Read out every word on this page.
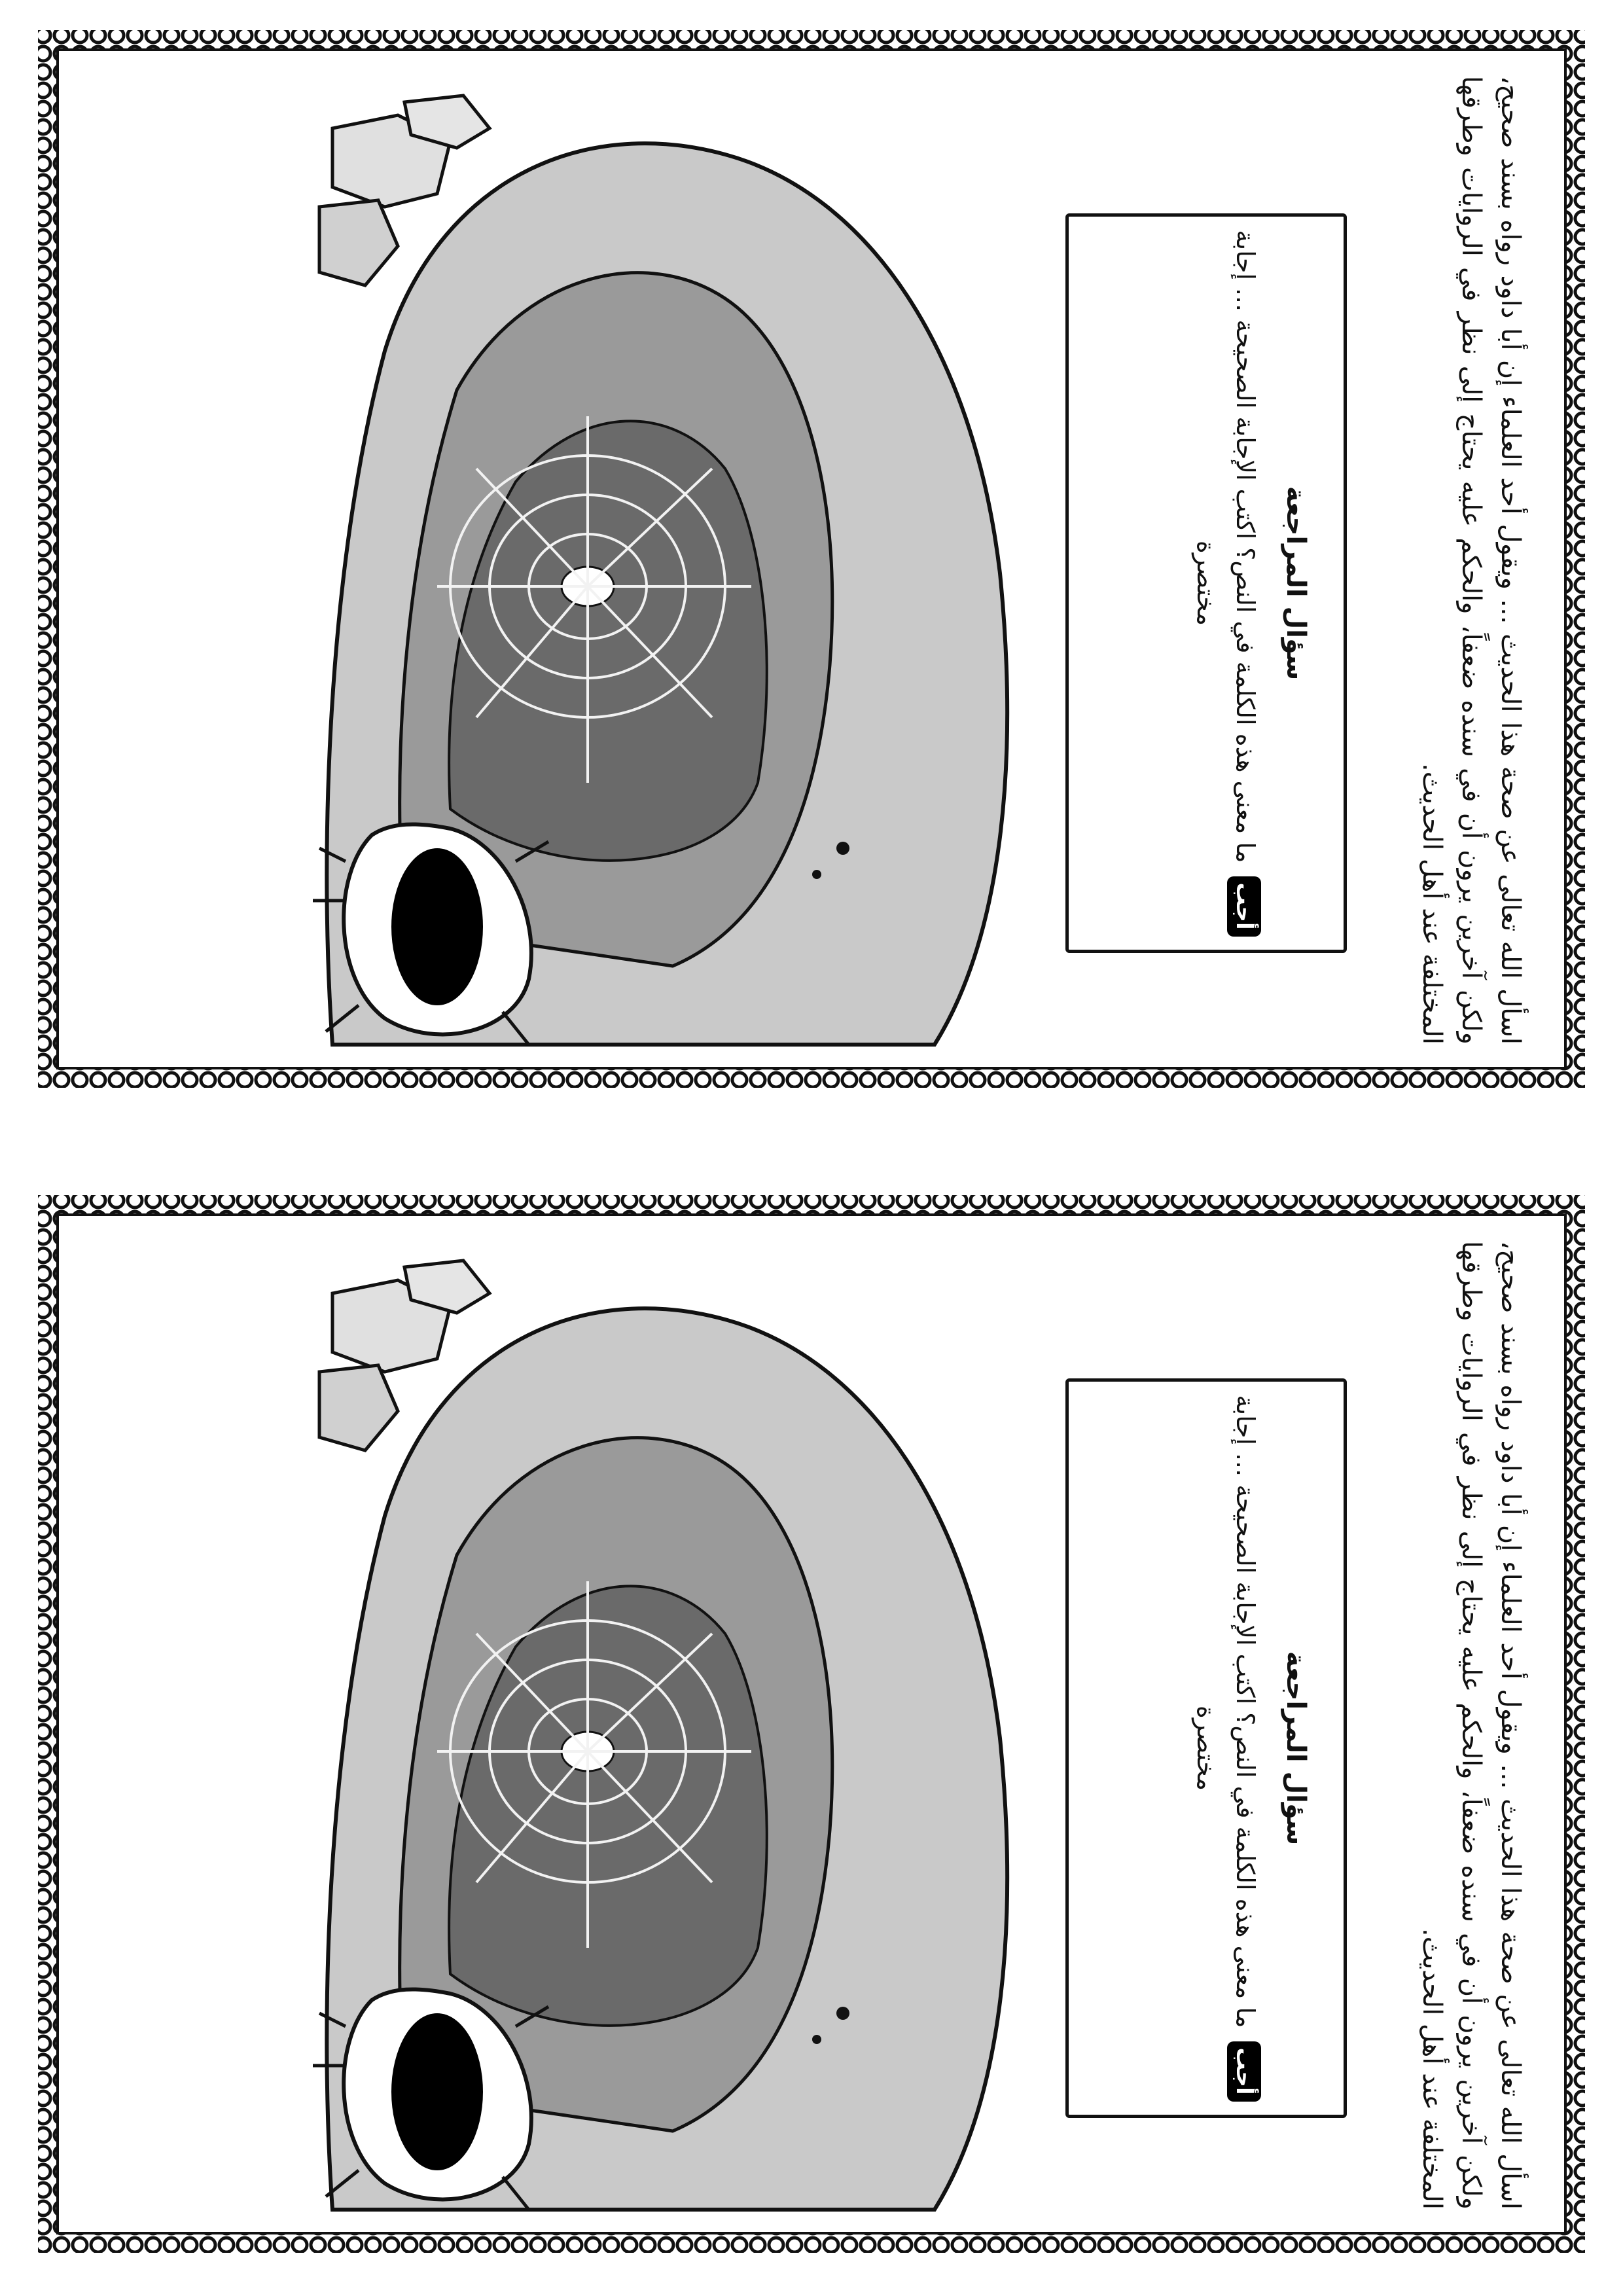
سؤال المراجعة
أجب ما معنى هذه الكلمة في النص؟ اكتب الإجابة الصحيحة ... إجابة مختصرة	اسأل الله تعالى عن صحة هذا الحديث ... ويقول أحد العلماء إن أبا داود رواه بسند صحيح، ولكن آخرين يرون أن في سنده ضعفاً، والحكم عليه يحتاج إلى نظر في الروايات وطرقها المختلفة عند أهل الحديث.
سؤال المراجعة
أجب ما معنى هذه الكلمة في النص؟ اكتب الإجابة الصحيحة ... إجابة مختصرة	اسأل الله تعالى عن صحة هذا الحديث ... ويقول أحد العلماء إن أبا داود رواه بسند صحيح، ولكن آخرين يرون أن في سنده ضعفاً، والحكم عليه يحتاج إلى نظر في الروايات وطرقها المختلفة عند أهل الحديث.
